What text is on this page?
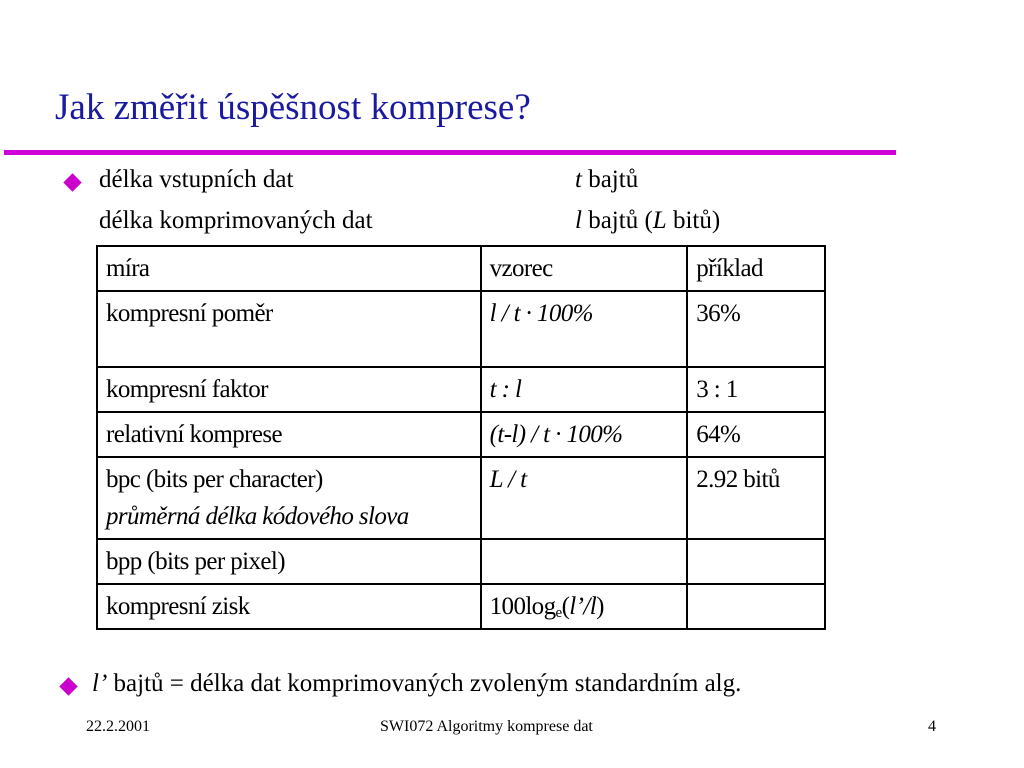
Jak změřit úspěšnost komprese?
délka vstupních dat	t bajtů
délka komprimovaných dat	l bajtů (L bitů)
míra	vzorec	příklad
kompresní poměr	l / t · 100%	36%
kompresní faktor	t : l	3 : 1
relativní komprese	(t-l) / t · 100%	64%
bpc (bits per character)
průměrná délka kódového slova	L / t	2.92 bitů
bpp (bits per pixel)		
kompresní zisk	$100\log_e(l’/l)$	
l’ bajtů = délka dat komprimovaných zvoleným standardním alg.
22.2.2001	SWI072 Algoritmy komprese dat	4
